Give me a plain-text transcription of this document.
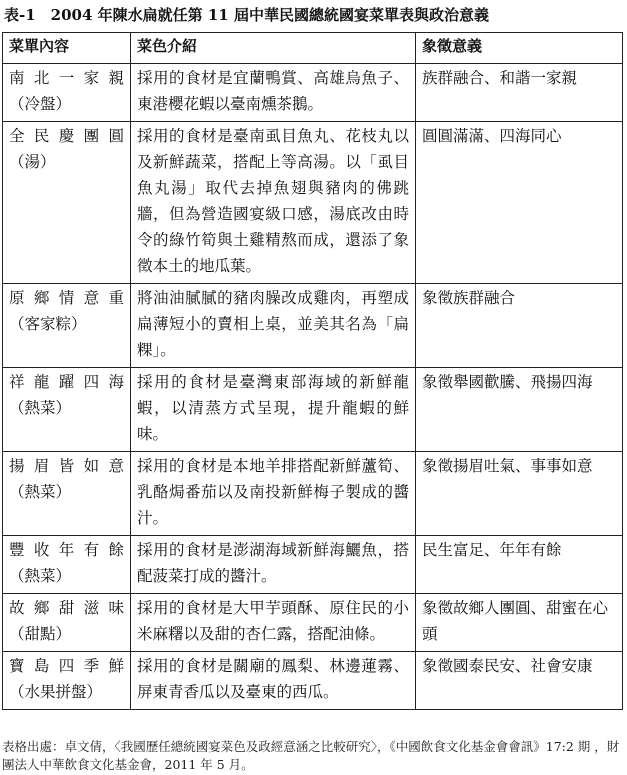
表-1　2004 年陳水扁就任第 11 屆中華民國總統國宴菜單表與政治意義
菜單內容	菜色介紹	象徵意義

南北一家親
（冷盤）	採用的食材是宜蘭鴨賞、高雄烏魚子、東港櫻花蝦以臺南燻茶鵝。	族群融合、和諧一家親

全民慶團圓
（湯）	採用的食材是臺南虱目魚丸、花枝丸以及新鮮蔬菜，搭配上等高湯。以「虱目魚丸湯」取代去掉魚翅與豬肉的佛跳牆，但為營造國宴級口感，湯底改由時令的綠竹筍與土雞精熬而成，還添了象徵本土的地瓜葉。	圓圓滿滿、四海同心

原鄉情意重
（客家粽）	將油油膩膩的豬肉臊改成雞肉，再塑成扁薄短小的賣相上桌，並美其名為「扁粿」。	象徵族群融合

祥龍躍四海
（熱菜）	採用的食材是臺灣東部海域的新鮮龍蝦，以清蒸方式呈現，提升龍蝦的鮮味。	象徵舉國歡騰、飛揚四海

揚眉皆如意
（熱菜）	採用的食材是本地羊排搭配新鮮蘆筍、乳酪焗番茄以及南投新鮮梅子製成的醬汁。	象徵揚眉吐氣、事事如意

豐收年有餘
（熱菜）	採用的食材是澎湖海域新鮮海鱺魚，搭配菠菜打成的醬汁。	民生富足、年年有餘

故鄉甜滋味
（甜點）	採用的食材是大甲芋頭酥、原住民的小米麻糬以及甜的杏仁露，搭配油條。	象徵故鄉人團圓、甜蜜在心頭

寶島四季鮮
（水果拼盤）	採用的食材是關廟的鳳梨、林邊蓮霧、屏東青香瓜以及臺東的西瓜。	象徵國泰民安、社會安康
表格出處：卓文倩，〈我國歷任總統國宴菜色及政經意涵之比較研究〉，《中國飲食文化基金會會訊》17:2 期 ，財團法人中華飲食文化基金會，2011 年 5 月。
